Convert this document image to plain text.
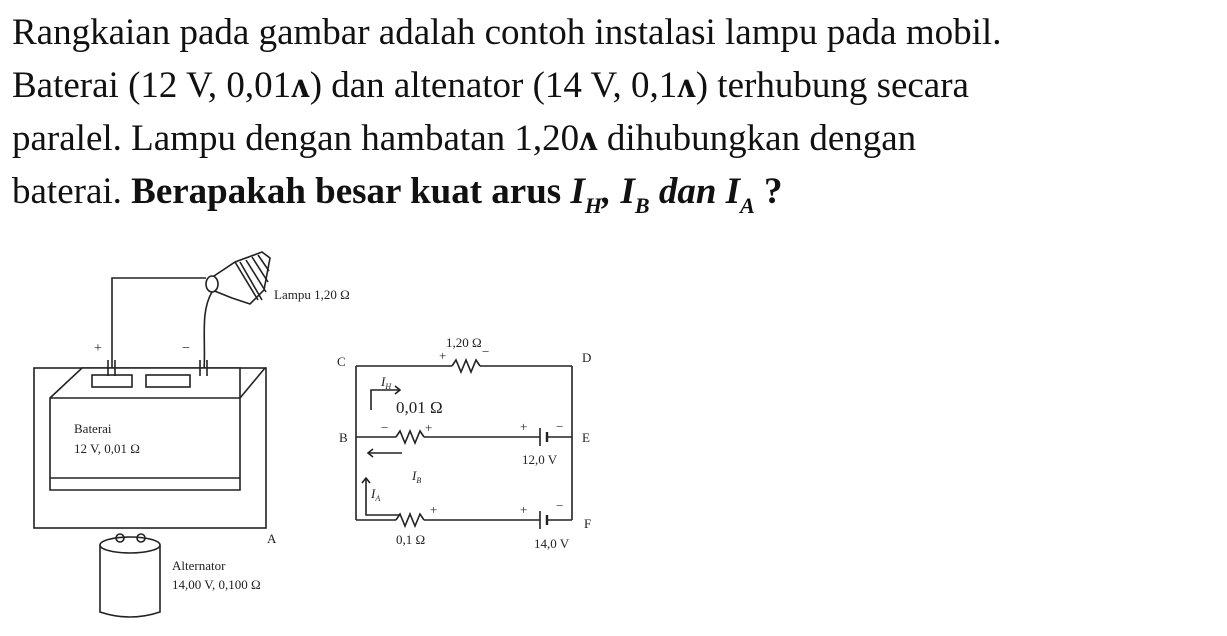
Rangkaian pada gambar adalah contoh instalasi lampu pada mobil.

Baterai (12 V, 0,01ʌ) dan altenator (14 V, 0,1ʌ) terhubung secara

paralel. Lampu dengan hambatan 1,20ʌ dihubungkan dengan

baterai. Berapakah besar kuat arus $I_H$, $I_B$ dan $I_A$ ?

Lampu 1,20 Ω
+	−
Baterai
12 V, 0,01 Ω
A
Alternator
14,00 V, 0,100 Ω
C	D
B	E
F
1,20 Ω
+	−
0,01 Ω
−	+	+ −
12,0 V
0,1 Ω
+	+ −
14,0 V
$I_H$
$I_B$
$I_A$
